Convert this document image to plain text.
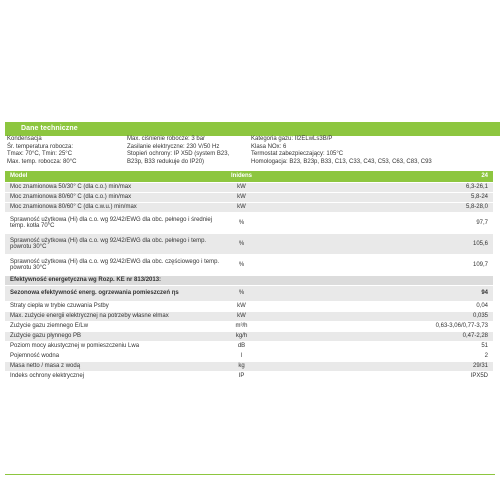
Dane techniczne
Kondensacja
Śr. temperatura robocza:
Tmax: 70°C, Tmin: 25°C
Max. temp. robocza: 80°C
Max. ciśnienie robocze: 3 bar
Zasilanie elektryczne: 230 V/50 Hz
Stopień ochrony: IP X5D (system B23,
B23p, B33 redukuje do IP20)
Kategoria gazu: II2ELwLs3B/P
Klasa NOx: 6
Termostat zabezpieczający: 105°C
Homologacja: B23, B23p, B33, C13, C33, C43, C53, C63, C83, C93
Model	Inidens	24
Moc znamionowa 50/30° C (dla c.o.) min/max	kW	6,3-26,1
Moc znamionowa 80/60° C (dla c.o.) min/max	kW	5,8-24
Moc znamionowa 80/60° C (dla c.w.u.) min/max	kW	5,8-28,0
Sprawność użytkowa (Hi) dla c.o. wg 92/42/EWG dla obc. pełnego i średniej temp. kotła 70°C	%	97,7
Sprawność użytkowa (Hi) dla c.o. wg 92/42/EWG dla obc. pełnego i temp. powrotu 30°C	%	105,6
Sprawność użytkowa (Hi) dla c.o. wg 92/42/EWG dla obc. częściowego i temp. powrotu 30°C	%	109,7
Efektywność energetyczna wg Rozp. KE nr 813/2013:		
Sezonowa efektywność energ. ogrzewania pomieszczeń ηs	%	94
Straty ciepła w trybie czuwania Pstby	kW	0,04
Max. zużycie energii elektrycznej na potrzeby własne elmax	kW	0,035
Zużycie gazu ziemnego E/Lw	m³/h	0,63-3,06/0,77-3,73
Zużycie gazu płynnego PB	kg/h	0,47-2,28
Poziom mocy akustycznej w pomieszczeniu Lwa	dB	51
Pojemność wodna	l	2
Masa netto / masa z wodą	kg	29/31
Indeks ochrony elektrycznej	IP	IPX5D
